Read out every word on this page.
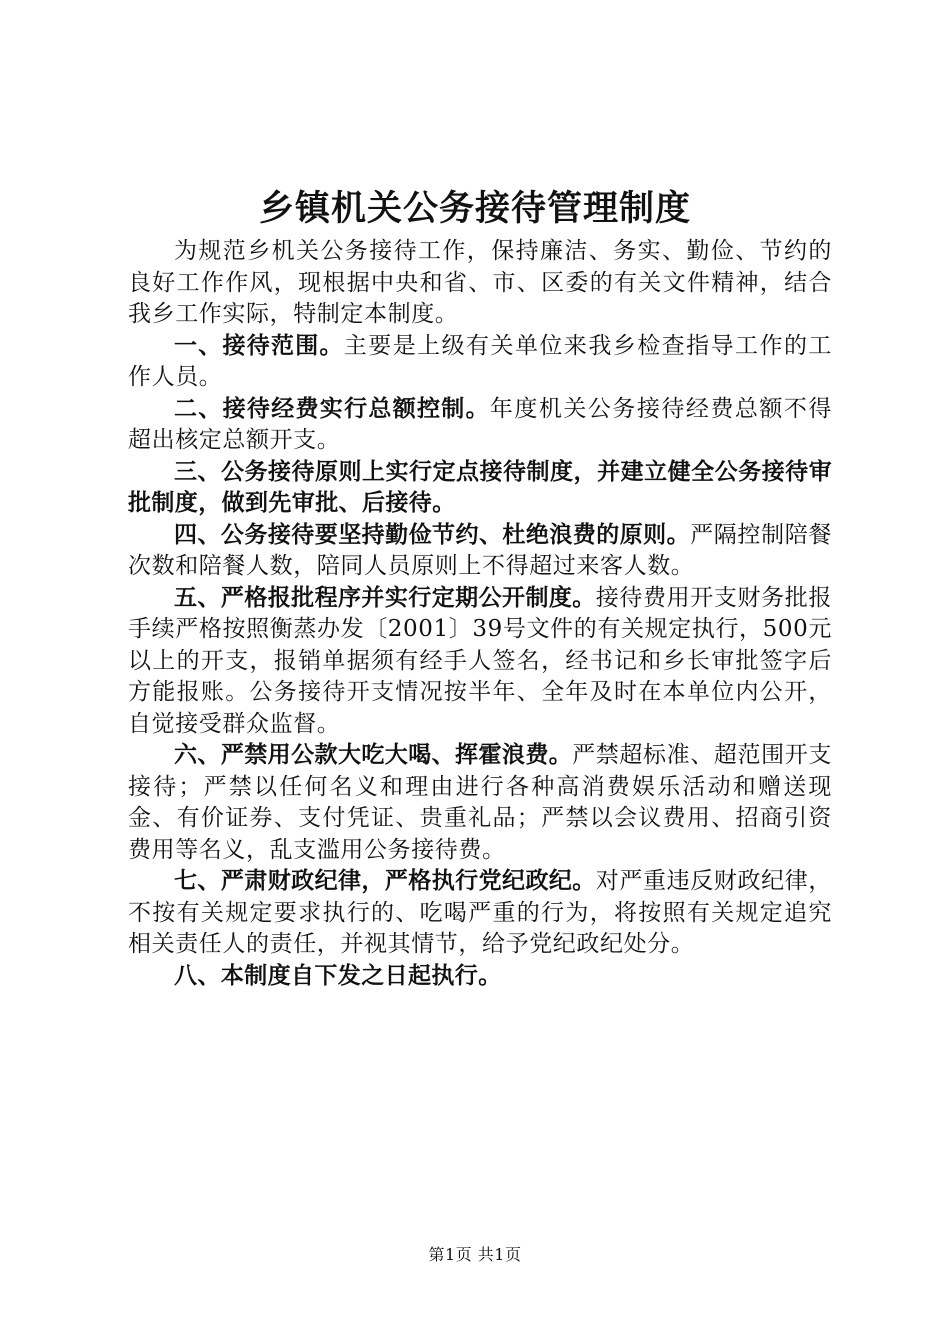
乡镇机关公务接待管理制度

为规范乡机关公务接待工作，保持廉洁、务实、勤俭、节约的良好工作作风，现根据中央和省、市、区委的有关文件精神，结合我乡工作实际，特制定本制度。

一、接待范围。主要是上级有关单位来我乡检查指导工作的工作人员。

二、接待经费实行总额控制。年度机关公务接待经费总额不得超出核定总额开支。

三、公务接待原则上实行定点接待制度，并建立健全公务接待审批制度，做到先审批、后接待。

四、公务接待要坚持勤俭节约、杜绝浪费的原则。严隔控制陪餐次数和陪餐人数，陪同人员原则上不得超过来客人数。

五、严格报批程序并实行定期公开制度。接待费用开支财务批报手续严格按照衡蒸办发〔2001〕39号文件的有关规定执行，500元以上的开支，报销单据须有经手人签名，经书记和乡长审批签字后方能报账。公务接待开支情况按半年、全年及时在本单位内公开，自觉接受群众监督。

六、严禁用公款大吃大喝、挥霍浪费。严禁超标准、超范围开支接待；严禁以任何名义和理由进行各种高消费娱乐活动和赠送现金、有价证券、支付凭证、贵重礼品；严禁以会议费用、招商引资费用等名义，乱支滥用公务接待费。

七、严肃财政纪律，严格执行党纪政纪。对严重违反财政纪律，不按有关规定要求执行的、吃喝严重的行为，将按照有关规定追究相关责任人的责任，并视其情节，给予党纪政纪处分。

八、本制度自下发之日起执行。

第1页 共1页
